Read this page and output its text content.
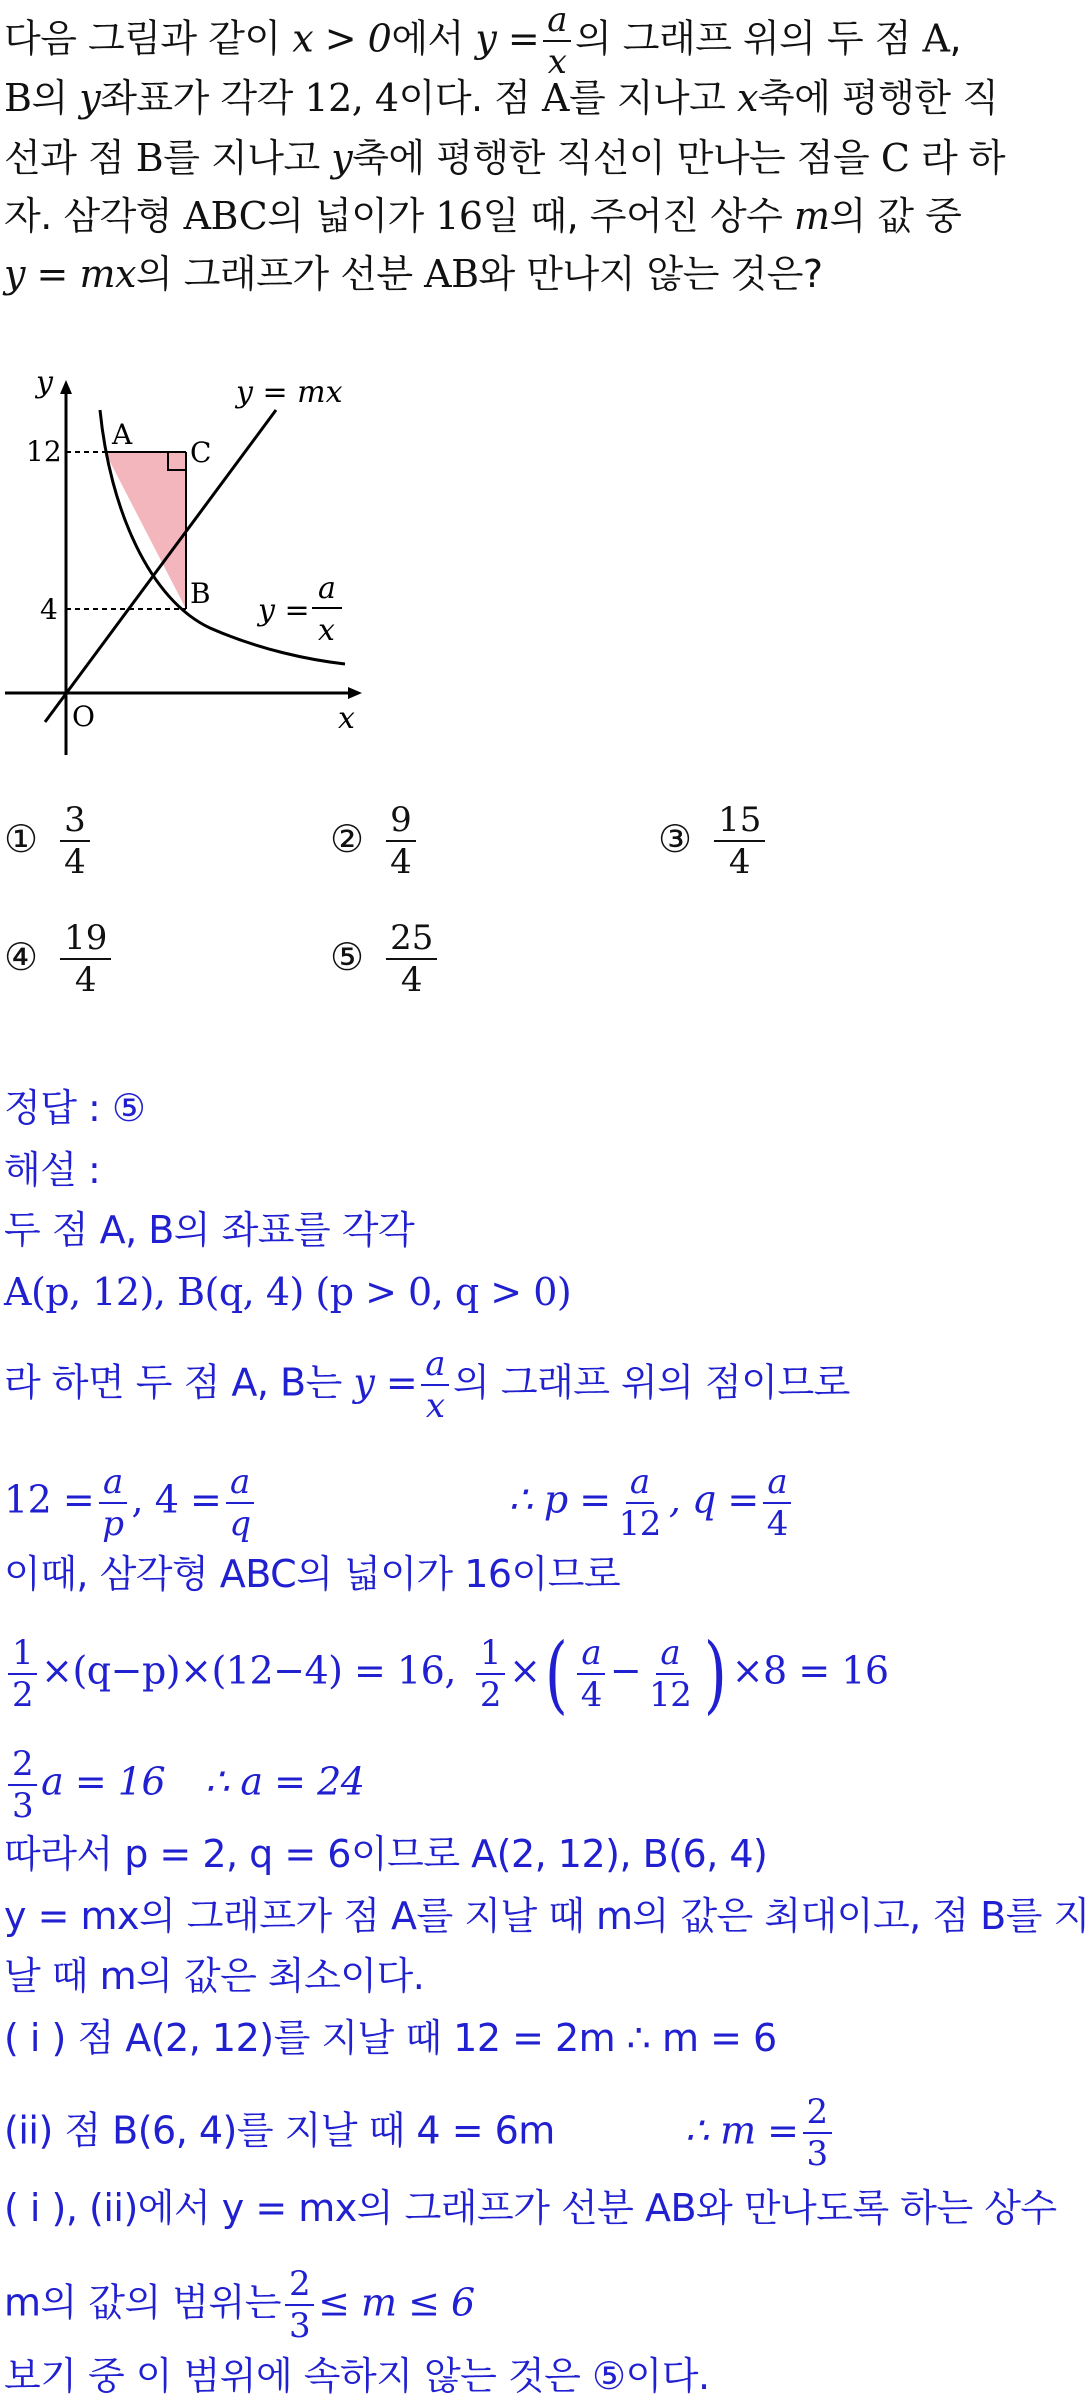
다음 그림과 같이 x > 0에서 $y = \frac{a}{x}$ 의 그래프 위의 두 점 A,
B의 y좌표가 각각 12, 4이다. 점 A를 지나고 x축에 평행한 직
선과 점 B를 지나고 y축에 평행한 직선이 만나는 점을 C 라 하
자. 삼각형 ABC의 넓이가 16일 때, 주어진 상수 m의 값 중
y = mx의 그래프가 선분 AB와 만나지 않는 것은?
y
x
O
y = mx
y =
a
x
12
4
A
C
B
① $\frac{3}{4}$	② $\frac{9}{4}$	③ $\frac{15}{4}$
④ $\frac{19}{4}$	⑤ $\frac{25}{4}$
정답 : ⑤
해설 :
두 점 A, B의 좌표를 각각
A(p, 12), B(q, 4) (p > 0, q > 0)
라 하면 두 점 A, B는 $y = \frac{a}{x}$ 의 그래프 위의 점이므로
$12 = \frac{a}{p}$ , $4 = \frac{a}{q}$	∴ $p = \frac{a}{12}$ , $q = \frac{a}{4}$
이때, 삼각형 ABC의 넓이가 16이므로
$\frac{1}{2} \times(q-p)\times(12-4) = 16$, $\frac{1}{2}$ ×( $\frac{a}{4} - \frac{a}{12}$ ) ×8 = 16
$\frac{2}{3}$ a = 16 ∴ a = 24
따라서 p = 2, q = 6이므로 A(2, 12), B(6, 4)
y = mx의 그래프가 점 A를 지날 때 m의 값은 최대이고, 점 B를 지
날 때 m의 값은 최소이다.
( i ) 점 A(2, 12)를 지날 때 12 = 2m ∴ m = 6
(ii) 점 B(6, 4)를 지날 때 4 = 6m	∴ $m = \frac{2}{3}$
( i ), (ii)에서 y = mx의 그래프가 선분 AB와 만나도록 하는 상수
m의 값의 범위는 $\frac{2}{3} \le m \le 6$
보기 중 이 범위에 속하지 않는 것은 ⑤이다.
